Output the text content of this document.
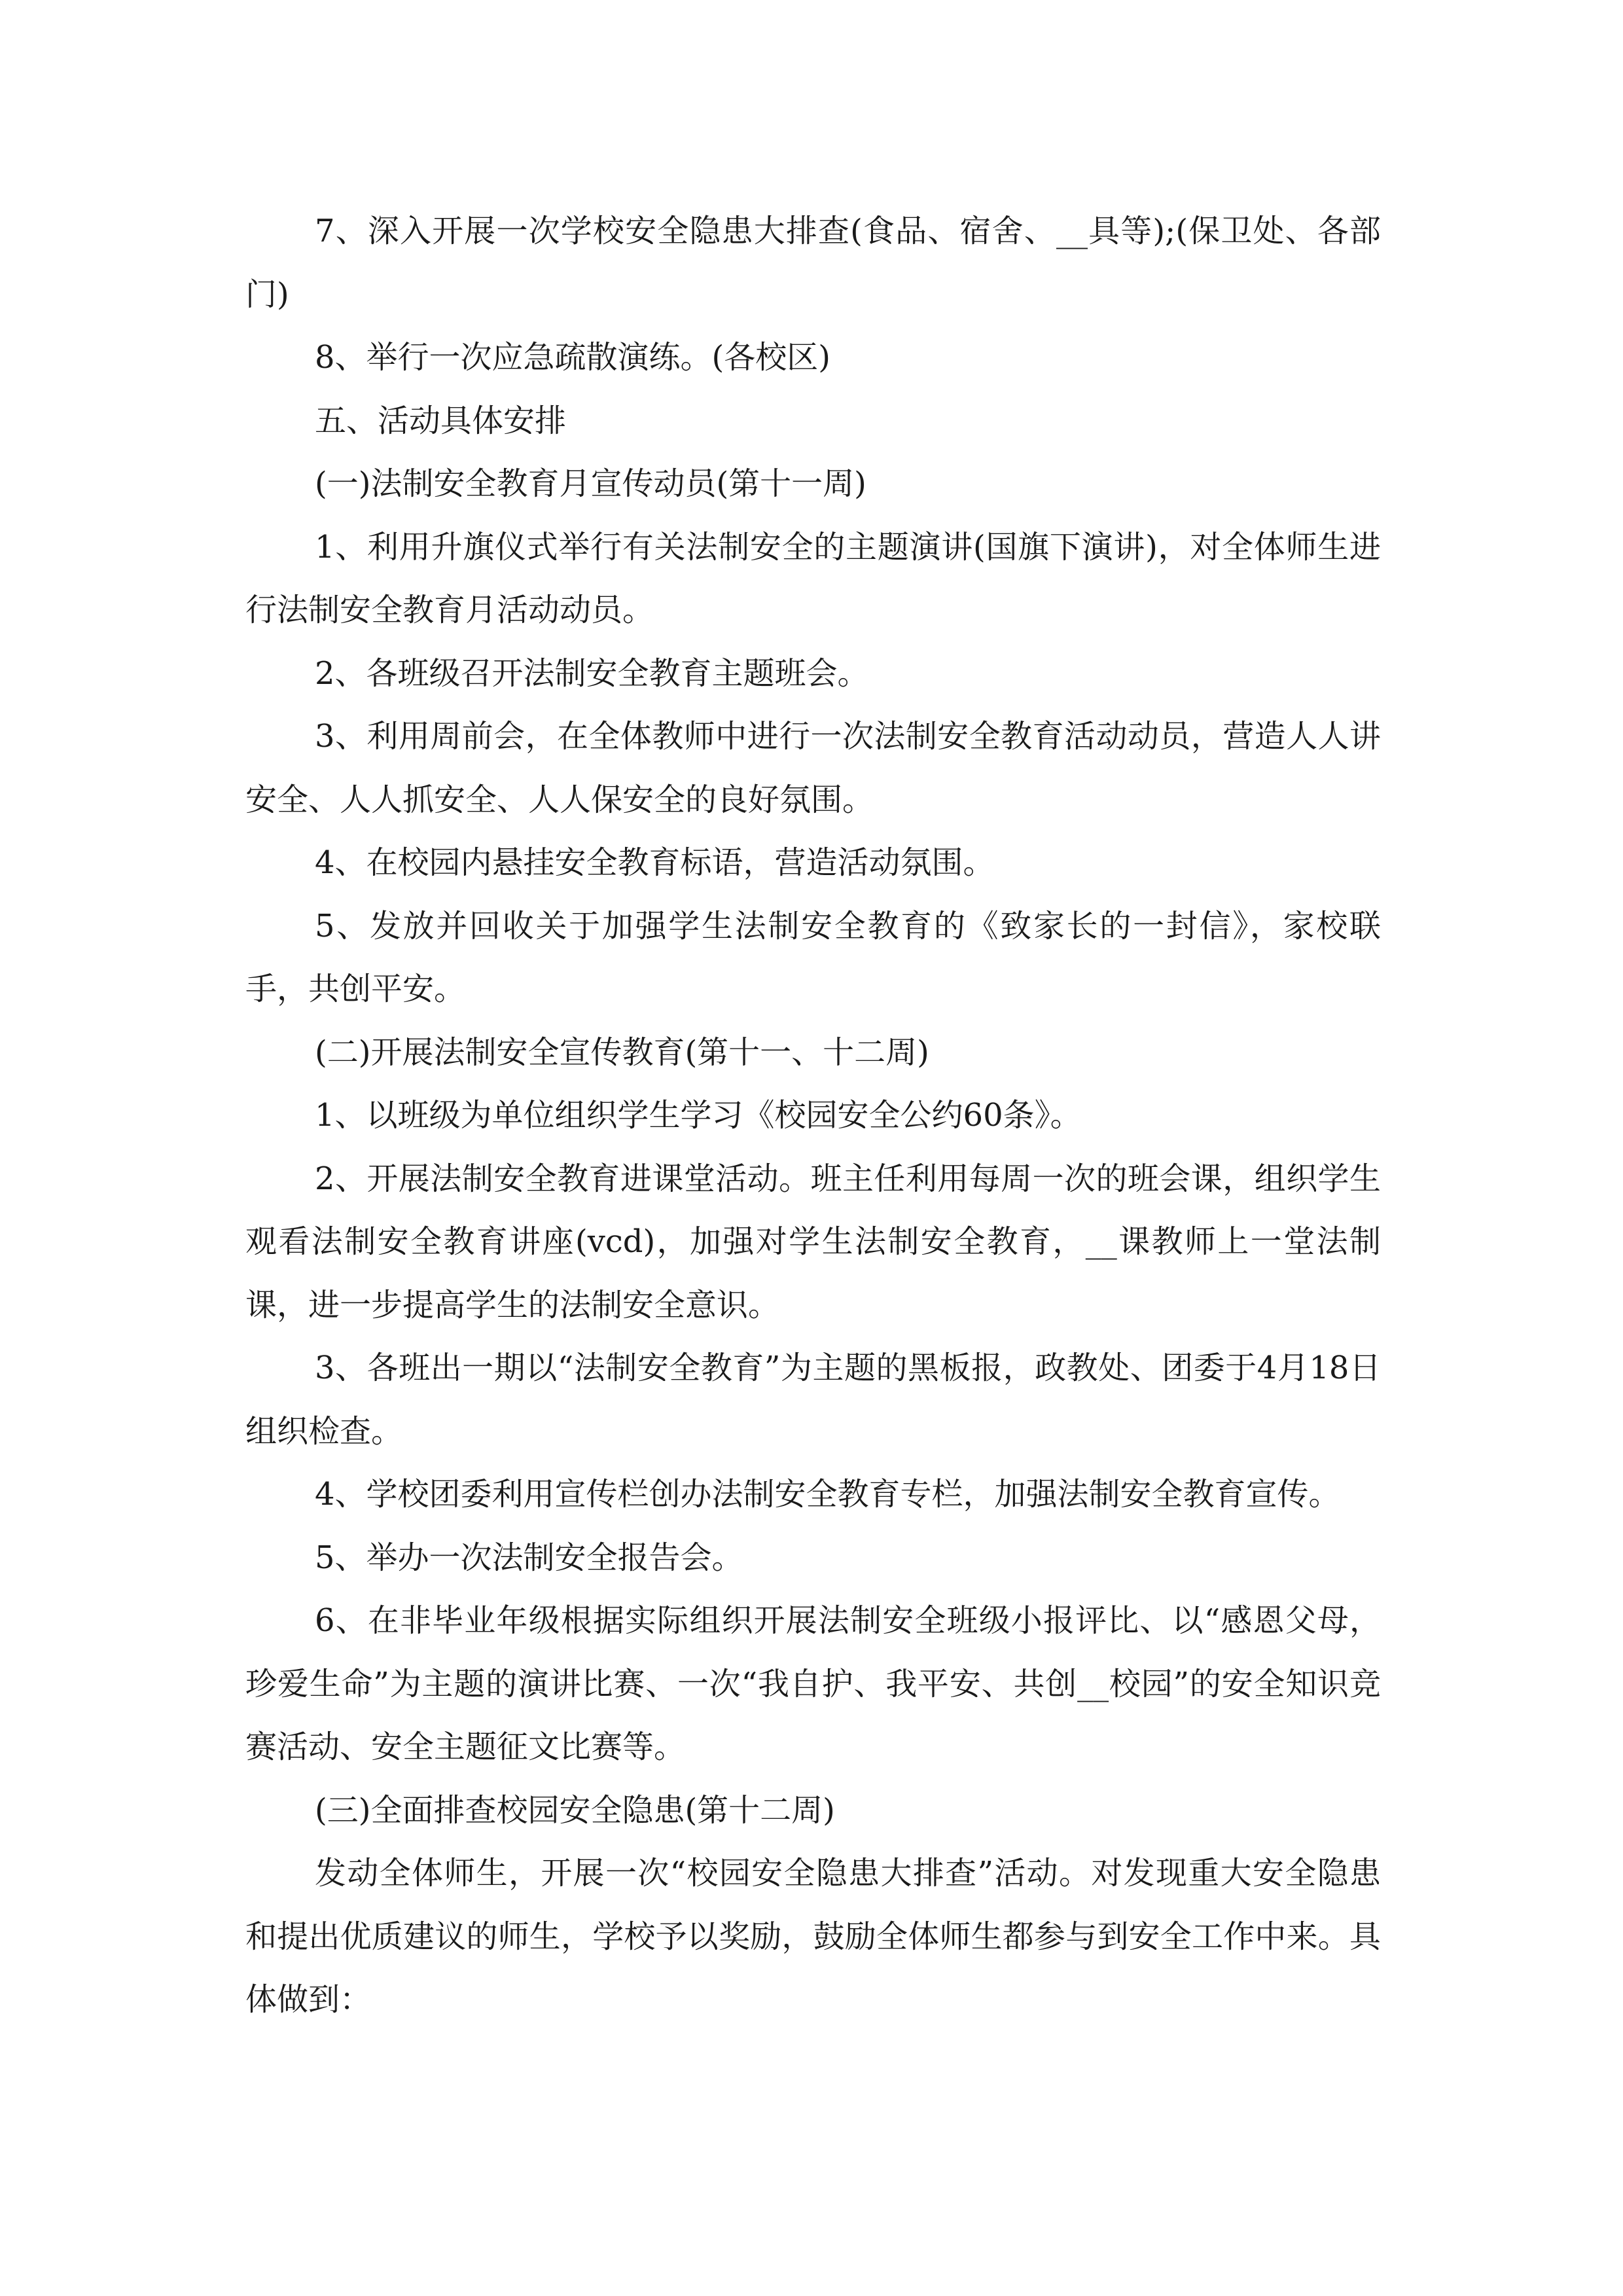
7、深入开展一次学校安全隐患大排查(食品、宿舍、__具等);(保卫处、各部门)

8、举行一次应急疏散演练。(各校区)

五、活动具体安排

(一)法制安全教育月宣传动员(第十一周)

1、利用升旗仪式举行有关法制安全的主题演讲(国旗下演讲)，对全体师生进行法制安全教育月活动动员。

2、各班级召开法制安全教育主题班会。

3、利用周前会，在全体教师中进行一次法制安全教育活动动员，营造人人讲安全、人人抓安全、人人保安全的良好氛围。

4、在校园内悬挂安全教育标语，营造活动氛围。

5、发放并回收关于加强学生法制安全教育的《致家长的一封信》，家校联手，共创平安。

(二)开展法制安全宣传教育(第十一、十二周)

1、以班级为单位组织学生学习《校园安全公约60条》。

2、开展法制安全教育进课堂活动。班主任利用每周一次的班会课，组织学生观看法制安全教育讲座(vcd)，加强对学生法制安全教育，__课教师上一堂法制课，进一步提高学生的法制安全意识。

3、各班出一期以“法制安全教育”为主题的黑板报，政教处、团委于4月18日组织检查。

4、学校团委利用宣传栏创办法制安全教育专栏，加强法制安全教育宣传。

5、举办一次法制安全报告会。

6、在非毕业年级根据实际组织开展法制安全班级小报评比、以“感恩父母，珍爱生命”为主题的演讲比赛、一次“我自护、我平安、共创__校园”的安全知识竞赛活动、安全主题征文比赛等。

(三)全面排查校园安全隐患(第十二周)

发动全体师生，开展一次“校园安全隐患大排查”活动。对发现重大安全隐患和提出优质建议的师生，学校予以奖励，鼓励全体师生都参与到安全工作中来。具体做到：
